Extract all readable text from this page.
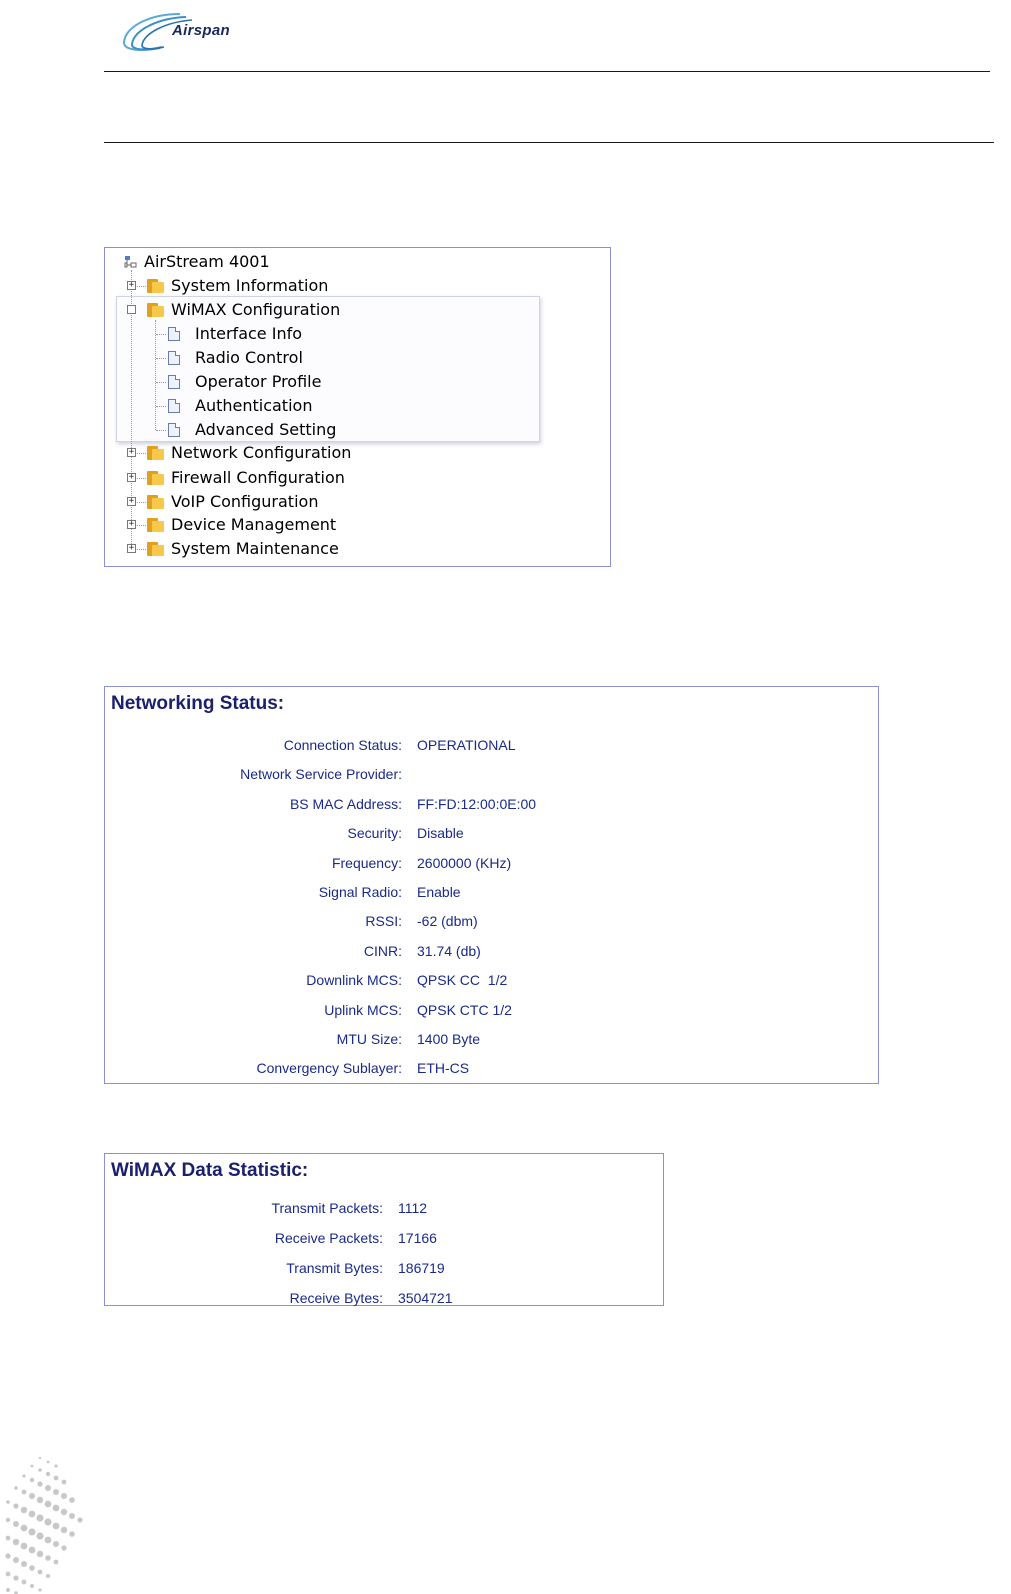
Airspan
AirStream 4001
+ System Information
WiMAX Configuration
Interface Info
Radio Control
Operator Profile
Authentication
Advanced Setting
+ Network Configuration
+ Firewall Configuration
+ VoIP Configuration
+ Device Management
+ System Maintenance
Networking Status:
Connection Status: OPERATIONAL
Network Service Provider:
BS MAC Address: FF:FD:12:00:0E:00
Security: Disable
Frequency: 2600000 (KHz)
Signal Radio: Enable
RSSI: -62 (dbm)
CINR: 31.74 (db)
Downlink MCS: QPSK CC  1/2
Uplink MCS: QPSK CTC 1/2
MTU Size: 1400 Byte
Convergency Sublayer: ETH-CS
WiMAX Data Statistic:
Transmit Packets: 1112
Receive Packets: 17166
Transmit Bytes: 186719
Receive Bytes: 3504721
